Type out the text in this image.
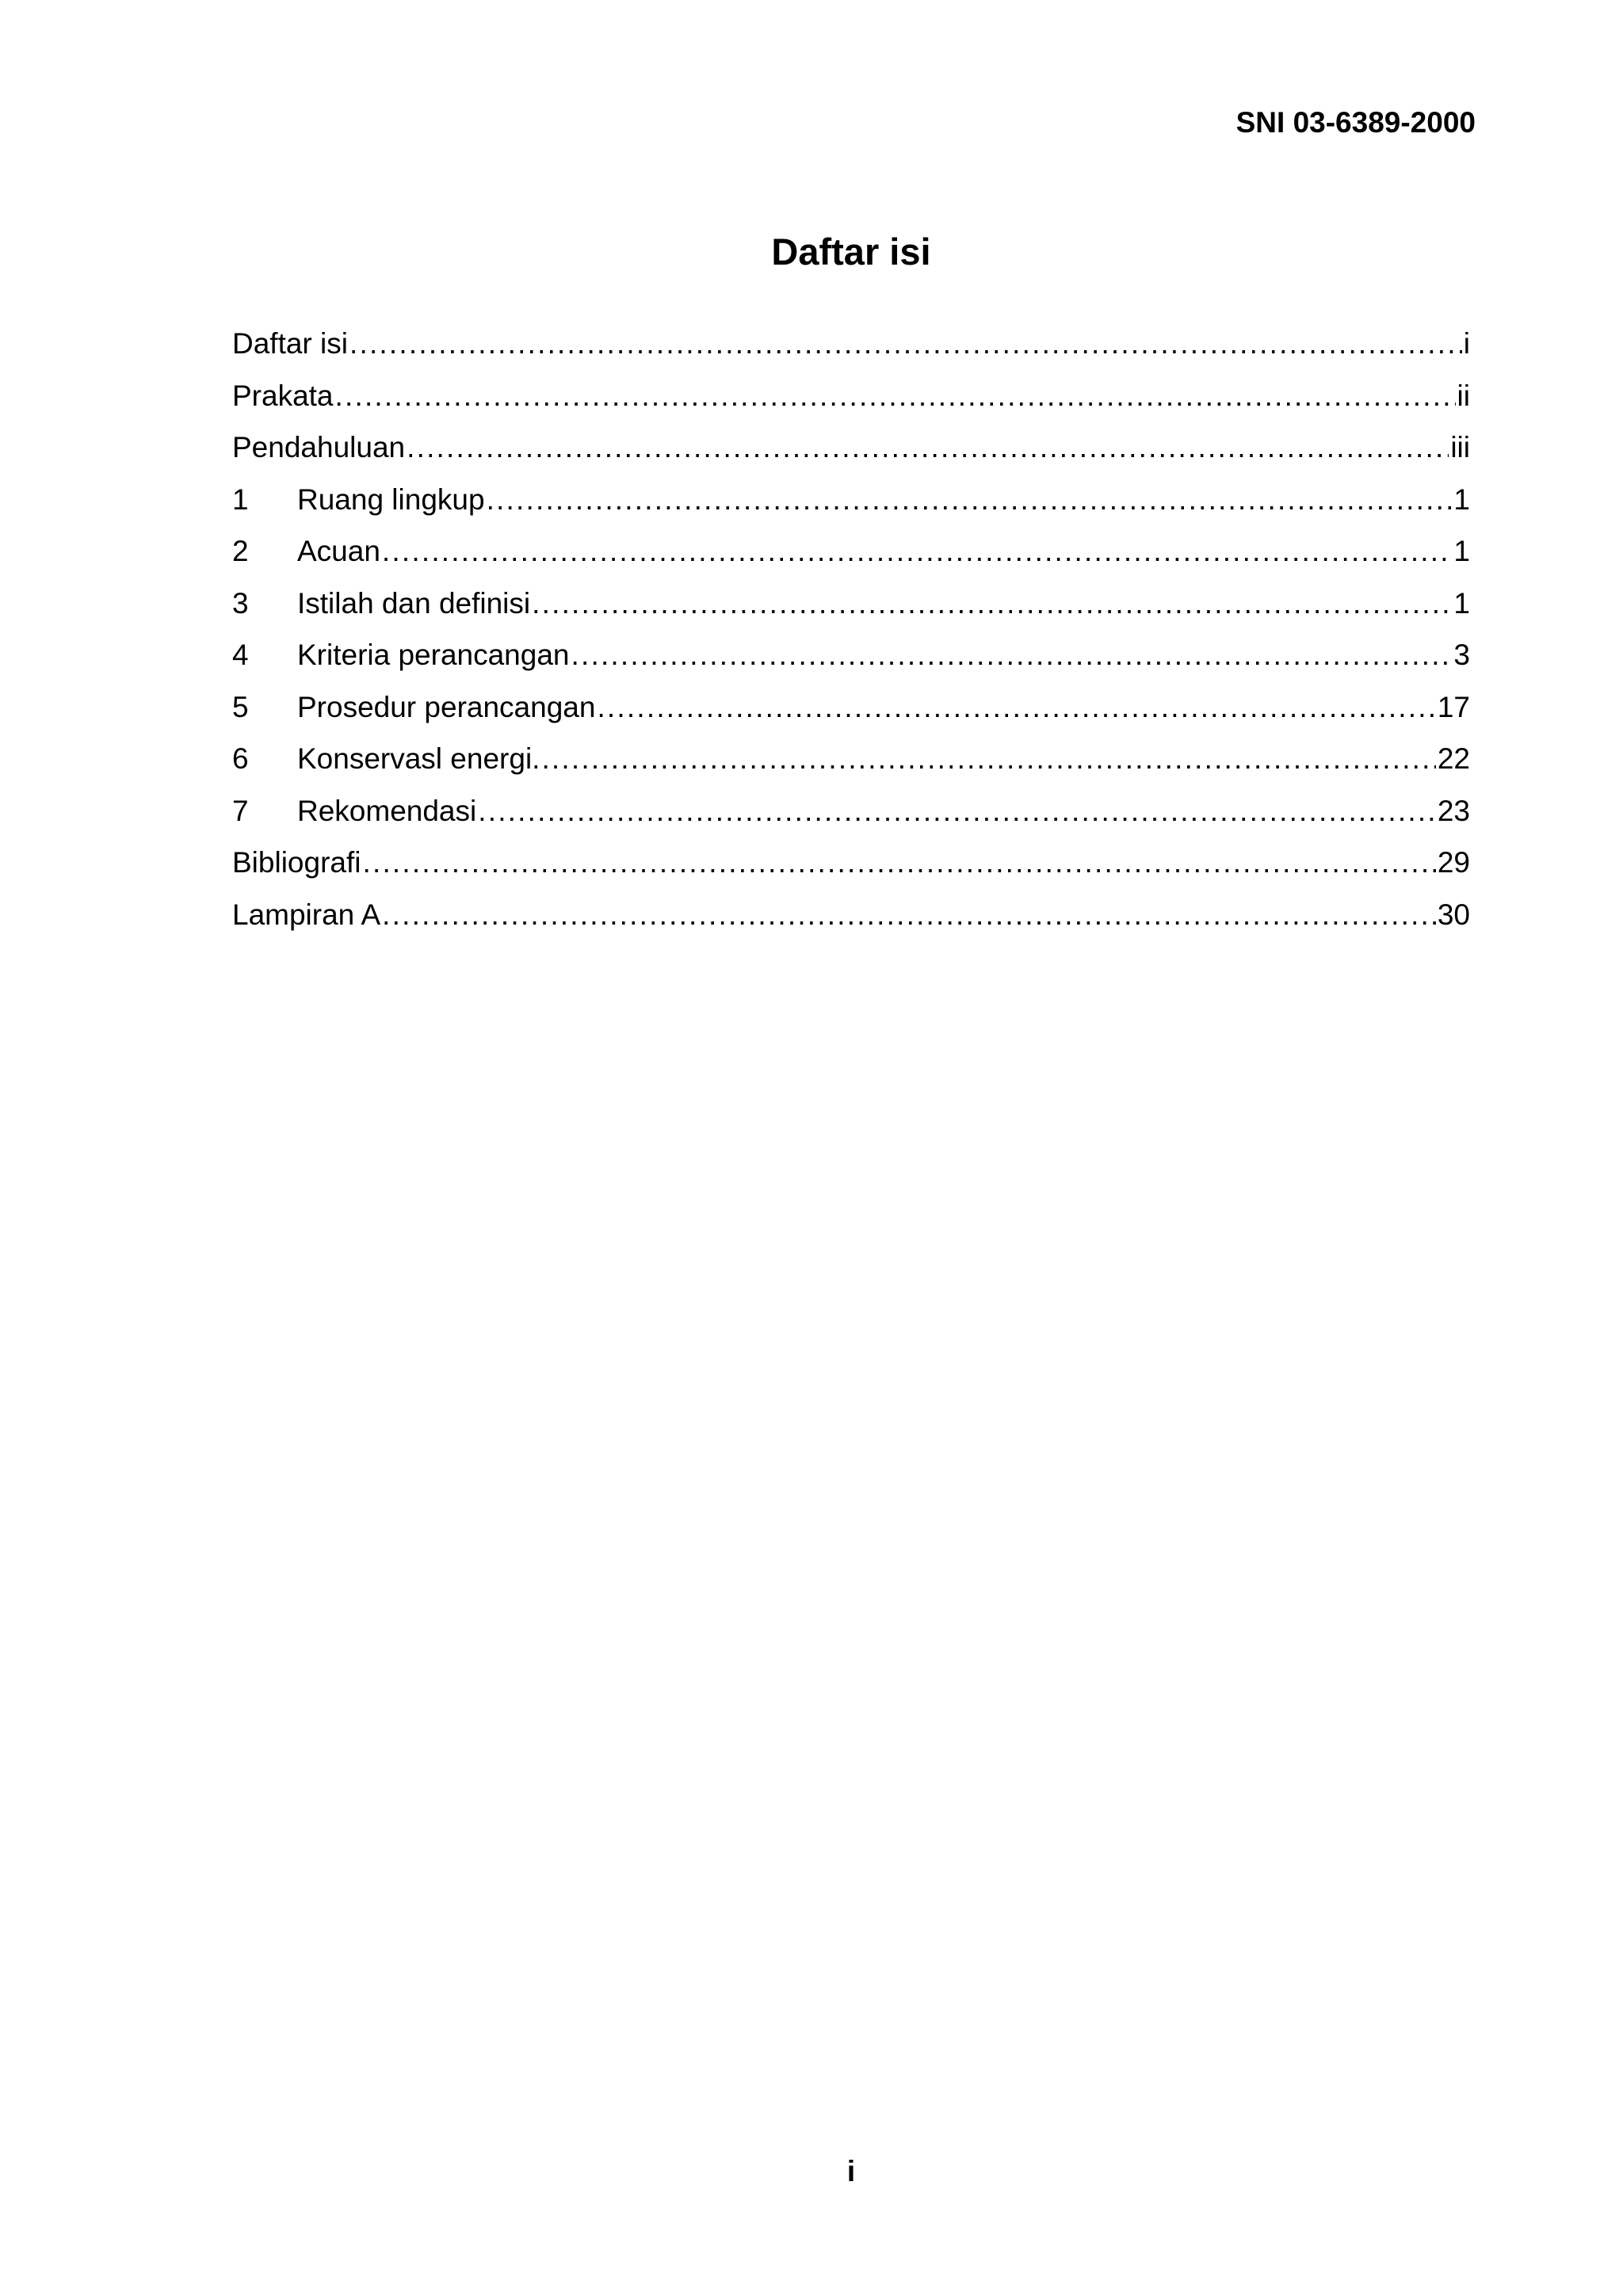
SNI 03-6389-2000
Daftar isi
Daftar isi .....	i
Prakata .....	ii
Pendahuluan .....	iii
1	Ruang lingkup .....	1
2	Acuan .....	1
3	Istilah dan definisi .....	1
4	Kriteria perancangan .....	3
5	Prosedur perancangan .....	17
6	Konservasl energi. .....	22
7	Rekomendasi .....	23
Bibliografi .....	29
Lampiran A .....	30
i
